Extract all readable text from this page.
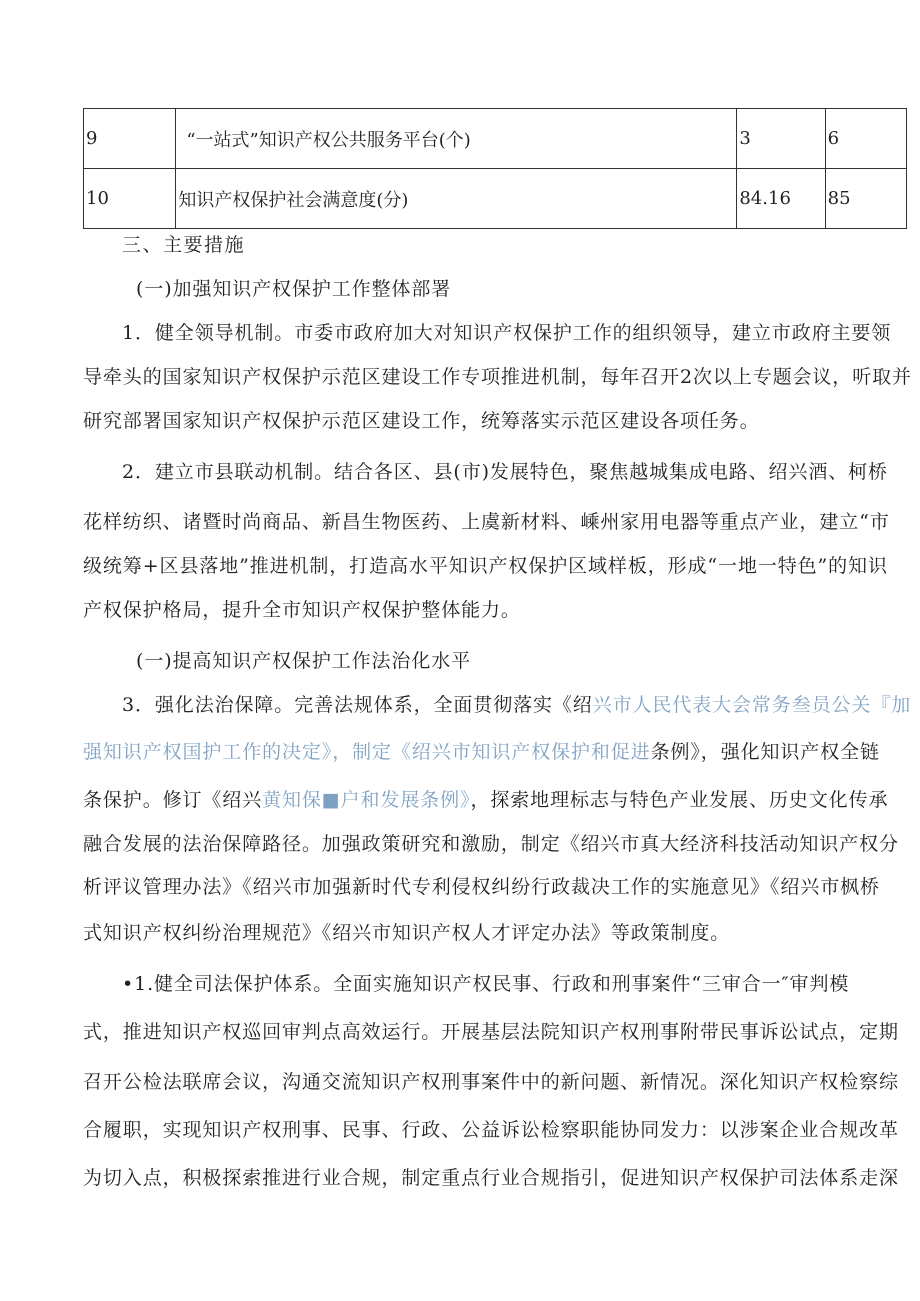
9	“一站式”知识产权公共服务平台(个)	3	6
10	知识产权保护社会满意度(分)	84.16	85
三、主要措施
(一)加强知识产权保护工作整体部署
1．健全领导机制。市委市政府加大对知识产权保护工作的组织领导，建立市政府主要领
导牵头的国家知识产权保护示范区建设工作专项推进机制，每年召开2次以上专题会议，听取并
研究部署国家知识产权保护示范区建设工作，统筹落实示范区建设各项任务。
2．建立市县联动机制。结合各区、县(市)发展特色，聚焦越城集成电路、绍兴酒、柯桥
花样纺织、诸暨时尚商品、新昌生物医药、上虞新材料、嵊州家用电器等重点产业，建立“市
级统筹+区县落地”推进机制，打造高水平知识产权保护区域样板，形成“一地一特色”的知识
产权保护格局，提升全市知识产权保护整体能力。
(一)提高知识产权保护工作法治化水平
3．强化法治保障。完善法规体系，全面贯彻落实《绍兴市人民代表大会常务叁员公关『加
强知识产权国护工作的决定》，制定《绍兴市知识产权保护和促进条例》，强化知识产权全链
条保护。修订《绍兴黄知保■户和发展条例》，探索地理标志与特色产业发展、历史文化传承
融合发展的法治保障路径。加强政策研究和激励，制定《绍兴市真大经济科技活动知识产权分
析评议管理办法》《绍兴市加强新时代专利侵权纠纷行政裁决工作的实施意见》《绍兴市枫桥
式知识产权纠纷治理规范》《绍兴市知识产权人才评定办法》等政策制度。
•1.健全司法保护体系。全面实施知识产权民事、行政和刑事案件“三审合一″审判模
式，推进知识产权巡回审判点高效运行。开展基层法院知识产权刑事附带民事诉讼试点，定期
召开公检法联席会议，沟通交流知识产权刑事案件中的新问题、新情况。深化知识产权检察综
合履职，实现知识产权刑事、民事、行政、公益诉讼检察职能协同发力：以涉案企业合规改革
为切入点，积极探索推进行业合规，制定重点行业合规指引，促进知识产权保护司法体系走深
